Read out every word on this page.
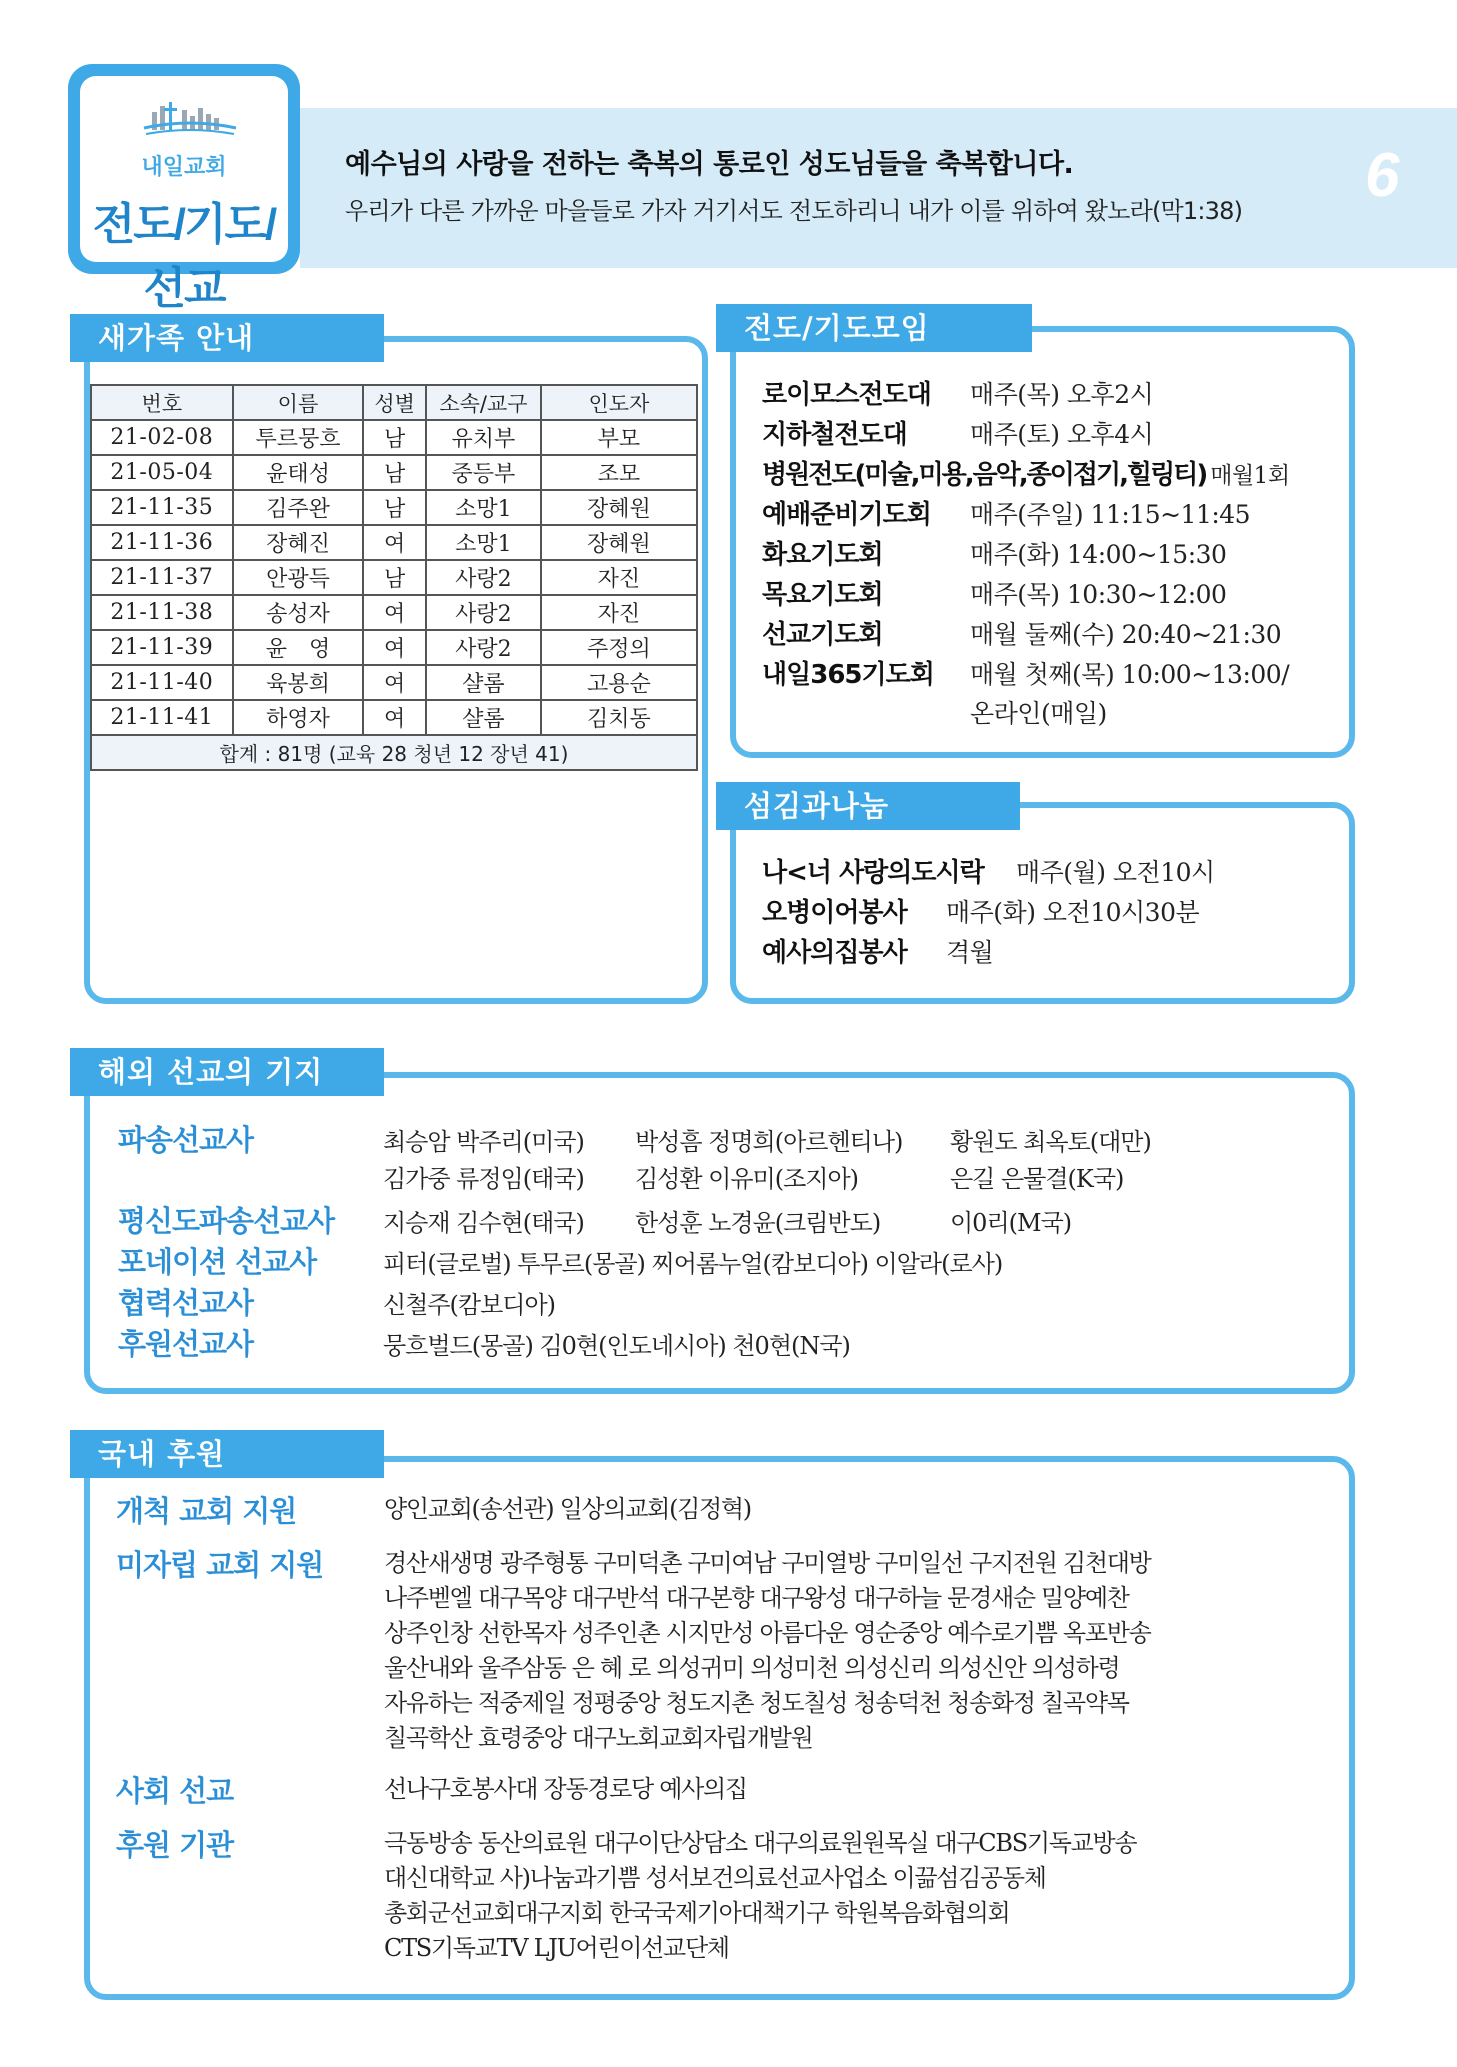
내일교회
전도/기도/선교
예수님의 사랑을 전하는 축복의 통로인 성도님들을 축복합니다.
우리가 다른 가까운 마을들로 가자 거기서도 전도하리니 내가 이를 위하여 왔노라(막1:38)
6
새가족 안내
번호	이름	성별	소속/교구	인도자
21-02-08	투르뭉흐	남	유치부	부모
21-05-04	윤태성	남	중등부	조모
21-11-35	김주완	남	소망1	장혜원
21-11-36	장혜진	여	소망1	장혜원
21-11-37	안광득	남	사랑2	자진
21-11-38	송성자	여	사랑2	자진
21-11-39	윤　영	여	사랑2	주정의
21-11-40	육봉희	여	샬롬	고용순
21-11-41	하영자	여	샬롬	김치동
합계 : 81명 (교육 28 청년 12 장년 41)				
전도/기도모임
로이모스전도대	매주(목) 오후2시
지하철전도대	매주(토) 오후4시
병원전도(미술,미용,음악,종이접기,힐링티) 매월1회
예배준비기도회	매주(주일) 11:15~11:45
화요기도회	매주(화) 14:00~15:30
목요기도회	매주(목) 10:30~12:00
선교기도회	매월 둘째(수) 20:40~21:30
내일365기도회	매월 첫째(목) 10:00~13:00/
온라인(매일)
섬김과나눔
나<너 사랑의도시락	매주(월) 오전10시
오병이어봉사	매주(화) 오전10시30분
예사의집봉사	격월
해외 선교의 기지
파송선교사	최승암 박주리(미국)	박성흠 정명희(아르헨티나)	황원도 최옥토(대만)
김가중 류정임(태국)	김성환 이유미(조지아)	은길 은물결(K국)
평신도파송선교사	지승재 김수현(태국)	한성훈 노경윤(크림반도)	이0리(M국)
포네이션 선교사	피터(글로벌) 투무르(몽골) 찌어롬누얼(캄보디아) 이알라(로사)
협력선교사	신철주(캄보디아)
후원선교사	뭉흐벌드(몽골) 김0현(인도네시아) 천0현(N국)
국내 후원
개척 교회 지원	양인교회(송선관) 일상의교회(김정혁)
미자립 교회 지원	경산새생명 광주형통 구미덕촌 구미여남 구미열방 구미일선 구지전원 김천대방
나주벧엘 대구목양 대구반석 대구본향 대구왕성 대구하늘 문경새순 밀양예찬
상주인창 선한목자 성주인촌 시지만성 아름다운 영순중앙 예수로기쁨 옥포반송
울산내와 울주삼동 은 혜 로 의성귀미 의성미천 의성신리 의성신안 의성하령
자유하는 적중제일 정평중앙 청도지촌 청도칠성 청송덕천 청송화정 칠곡약목
칠곡학산 효령중앙 대구노회교회자립개발원
사회 선교	선나구호봉사대 장동경로당 예사의집
후원 기관	극동방송 동산의료원 대구이단상담소 대구의료원원목실 대구CBS기독교방송
대신대학교 사)나눔과기쁨 성서보건의료선교사업소 이끎섬김공동체
총회군선교회대구지회 한국국제기아대책기구 학원복음화협의회
CTS기독교TV LJU어린이선교단체
